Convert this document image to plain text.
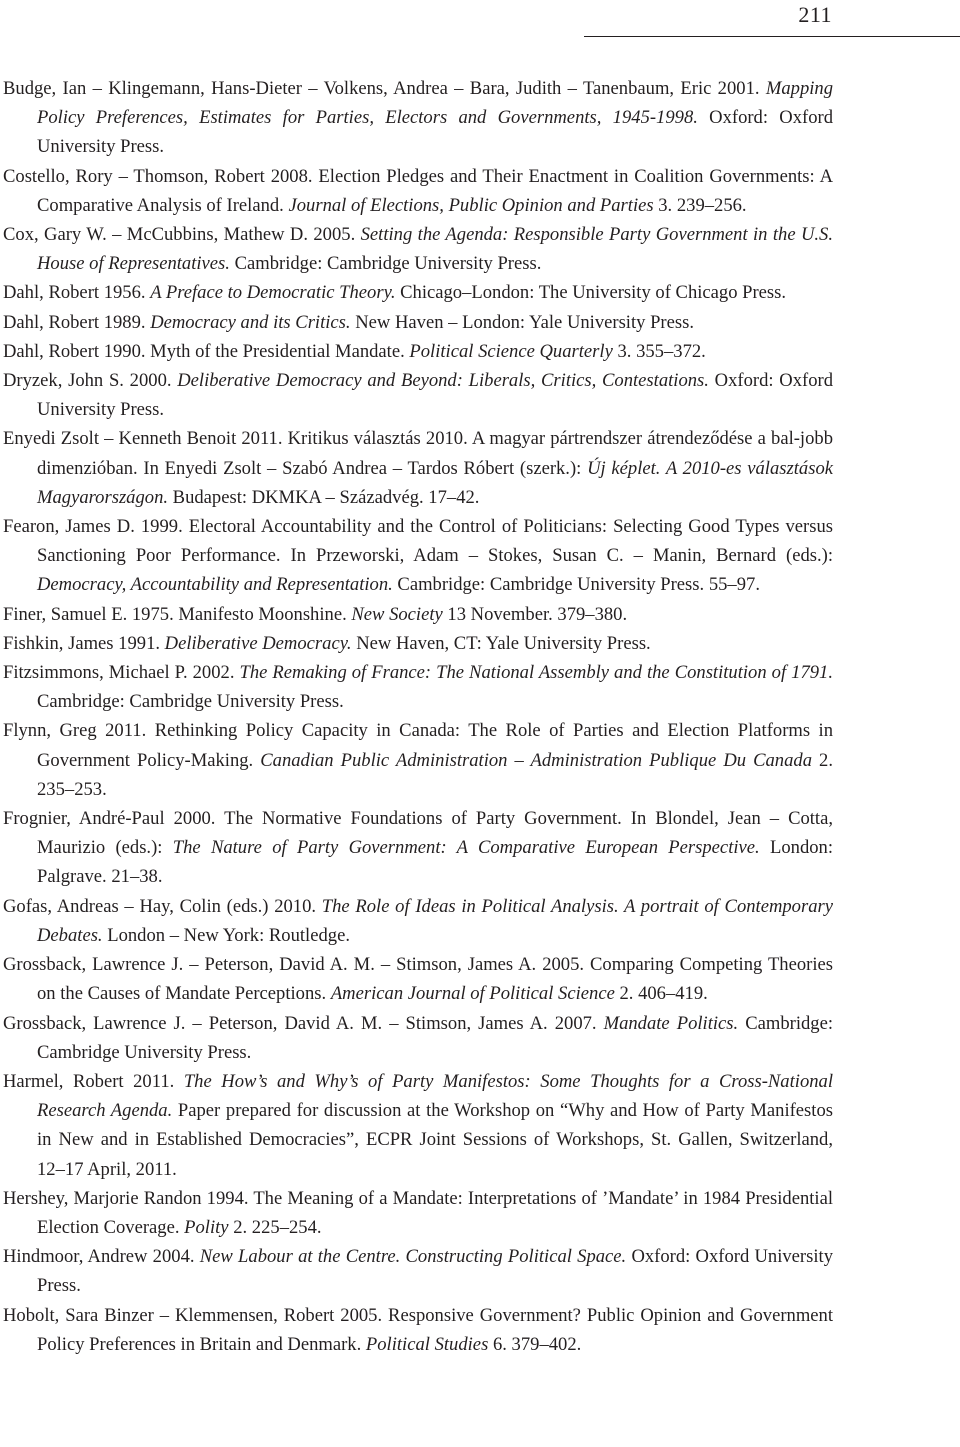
211
Budge, Ian – Klingemann, Hans-Dieter – Volkens, Andrea – Bara, Judith – Tanenbaum, Eric 2001. Mapping Policy Preferences, Estimates for Parties, Electors and Governments, 1945-1998. Oxford: Oxford University Press.
Costello, Rory – Thomson, Robert 2008. Election Pledges and Their Enactment in Coalition Governments: A Comparative Analysis of Ireland. Journal of Elections, Public Opinion and Parties 3. 239–256.
Cox, Gary W. – McCubbins, Mathew D. 2005. Setting the Agenda: Responsible Party Government in the U.S. House of Representatives. Cambridge: Cambridge University Press.
Dahl, Robert 1956. A Preface to Democratic Theory. Chicago–London: The University of Chicago Press.
Dahl, Robert 1989. Democracy and its Critics. New Haven – London: Yale University Press.
Dahl, Robert 1990. Myth of the Presidential Mandate. Political Science Quarterly 3. 355–372.
Dryzek, John S. 2000. Deliberative Democracy and Beyond: Liberals, Critics, Contestations. Oxford: Oxford University Press.
Enyedi Zsolt – Kenneth Benoit 2011. Kritikus választás 2010. A magyar pártrendszer átrendeződése a bal-jobb dimenzióban. In Enyedi Zsolt – Szabó Andrea – Tardos Róbert (szerk.): Új képlet. A 2010-es választások Magyarországon. Budapest: DKMKA – Századvég. 17–42.
Fearon, James D. 1999. Electoral Accountability and the Control of Politicians: Selecting Good Types versus Sanctioning Poor Performance. In Przeworski, Adam – Stokes, Susan C. – Manin, Bernard (eds.): Democracy, Accountability and Representation. Cambridge: Cambridge University Press. 55–97.
Finer, Samuel E. 1975. Manifesto Moonshine. New Society 13 November. 379–380.
Fishkin, James 1991. Deliberative Democracy. New Haven, CT: Yale University Press.
Fitzsimmons, Michael P. 2002. The Remaking of France: The National Assembly and the Constitution of 1791. Cambridge: Cambridge University Press.
Flynn, Greg 2011. Rethinking Policy Capacity in Canada: The Role of Parties and Election Platforms in Government Policy-Making. Canadian Public Administration – Administration Publique Du Canada 2. 235–253.
Frognier, André-Paul 2000. The Normative Foundations of Party Government. In Blondel, Jean – Cotta, Maurizio (eds.): The Nature of Party Government: A Comparative European Perspective. London: Palgrave. 21–38.
Gofas, Andreas – Hay, Colin (eds.) 2010. The Role of Ideas in Political Analysis. A portrait of Contemporary Debates. London – New York: Routledge.
Grossback, Lawrence J. – Peterson, David A. M. – Stimson, James A. 2005. Comparing Competing Theories on the Causes of Mandate Perceptions. American Journal of Political Science 2. 406–419.
Grossback, Lawrence J. – Peterson, David A. M. – Stimson, James A. 2007. Mandate Politics. Cambridge: Cambridge University Press.
Harmel, Robert 2011. The How’s and Why’s of Party Manifestos: Some Thoughts for a Cross-National Research Agenda. Paper prepared for discussion at the Workshop on “Why and How of Party Manifestos in New and in Established Democracies”, ECPR Joint Sessions of Workshops, St. Gallen, Switzerland, 12–17 April, 2011.
Hershey, Marjorie Randon 1994. The Meaning of a Mandate: Interpretations of ’Mandate’ in 1984 Presidential Election Coverage. Polity 2. 225–254.
Hindmoor, Andrew 2004. New Labour at the Centre. Constructing Political Space. Oxford: Oxford University Press.
Hobolt, Sara Binzer – Klemmensen, Robert 2005. Responsive Government? Public Opinion and Government Policy Preferences in Britain and Denmark. Political Studies 6. 379–402.
